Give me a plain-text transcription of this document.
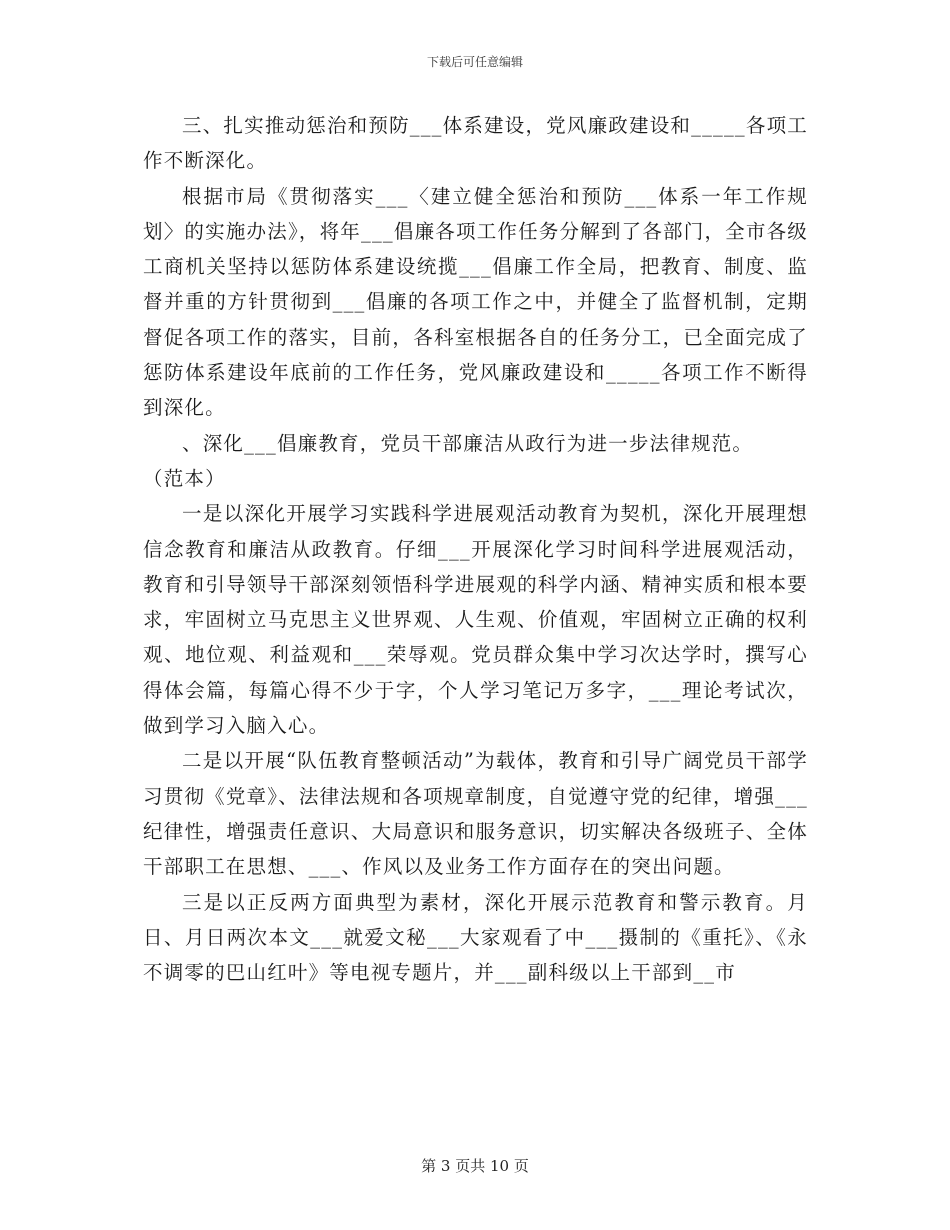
下载后可任意编辑

三、扎实推动惩治和预防___体系建设，党风廉政建设和_____各项工作不断深化。

根据市局《贯彻落实___〈建立健全惩治和预防___体系一年工作规划〉的实施办法》，将年___倡廉各项工作任务分解到了各部门，全市各级工商机关坚持以惩防体系建设统揽___倡廉工作全局，把教育、制度、监督并重的方针贯彻到___倡廉的各项工作之中，并健全了监督机制，定期督促各项工作的落实，目前，各科室根据各自的任务分工，已全面完成了惩防体系建设年底前的工作任务，党风廉政建设和_____各项工作不断得到深化。

、深化___倡廉教育，党员干部廉洁从政行为进一步法律规范。

（范本）

一是以深化开展学习实践科学进展观活动教育为契机，深化开展理想信念教育和廉洁从政教育。仔细___开展深化学习时间科学进展观活动，教育和引导领导干部深刻领悟科学进展观的科学内涵、精神实质和根本要求，牢固树立马克思主义世界观、人生观、价值观，牢固树立正确的权利观、地位观、利益观和___荣辱观。党员群众集中学习次达学时，撰写心得体会篇，每篇心得不少于字，个人学习笔记万多字，___理论考试次，做到学习入脑入心。

二是以开展“队伍教育整顿活动”为载体，教育和引导广阔党员干部学习贯彻《党章》、法律法规和各项规章制度，自觉遵守党的纪律，增强___纪律性，增强责任意识、大局意识和服务意识，切实解决各级班子、全体干部职工在思想、___、作风以及业务工作方面存在的突出问题。

三是以正反两方面典型为素材，深化开展示范教育和警示教育。月日、月日两次本文___就爱文秘___大家观看了中___摄制的《重托》、《永不调零的巴山红叶》等电视专题片，并___副科级以上干部到__市

第 3 页共 10 页
